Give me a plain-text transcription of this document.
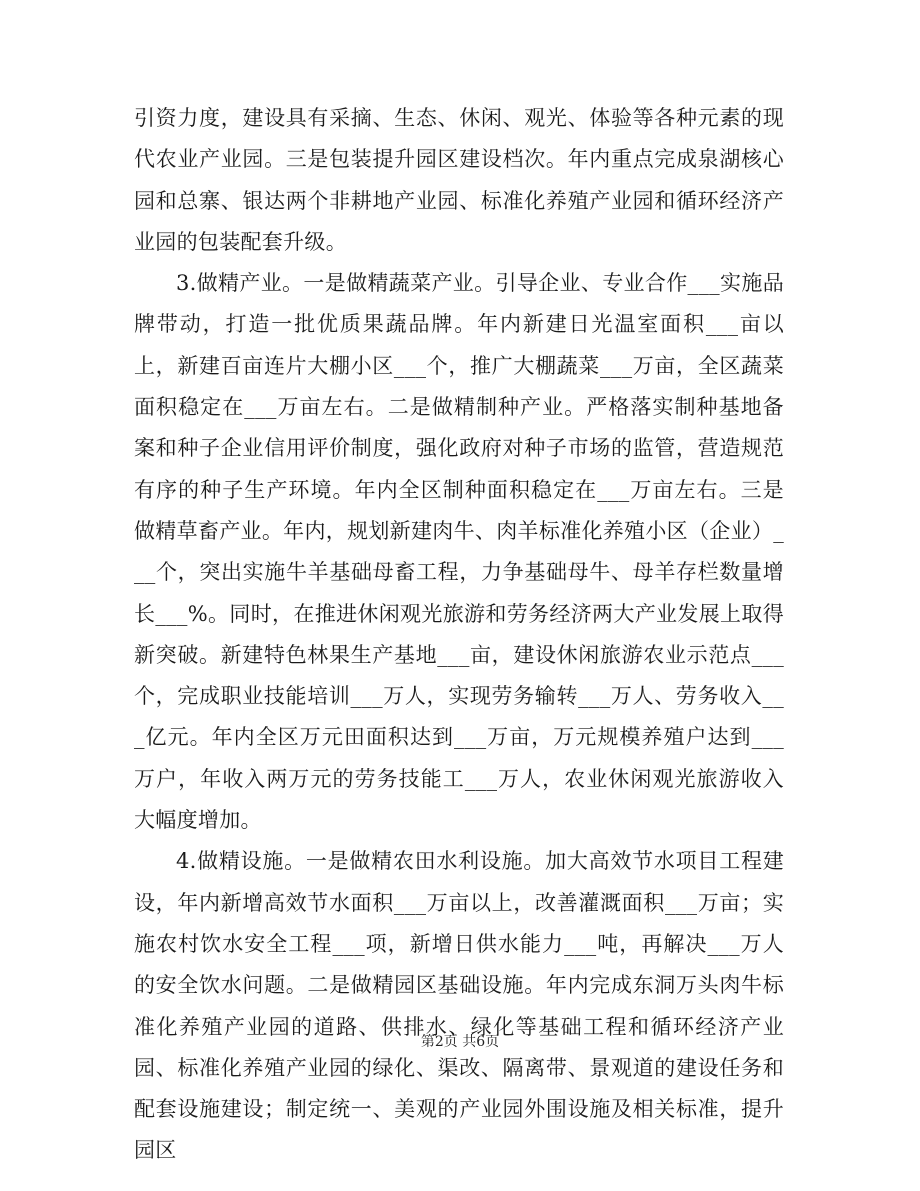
引资力度，建设具有采摘、生态、休闲、观光、体验等各种元素的现代农业产业园。三是包装提升园区建设档次。年内重点完成泉湖核心园和总寨、银达两个非耕地产业园、标准化养殖产业园和循环经济产业园的包装配套升级。

3.做精产业。一是做精蔬菜产业。引导企业、专业合作___实施品牌带动，打造一批优质果蔬品牌。年内新建日光温室面积___亩以上，新建百亩连片大棚小区___个，推广大棚蔬菜___万亩，全区蔬菜面积稳定在___万亩左右。二是做精制种产业。严格落实制种基地备案和种子企业信用评价制度，强化政府对种子市场的监管，营造规范有序的种子生产环境。年内全区制种面积稳定在___万亩左右。三是做精草畜产业。年内，规划新建肉牛、肉羊标准化养殖小区（企业）___个，突出实施牛羊基础母畜工程，力争基础母牛、母羊存栏数量增长___%。同时，在推进休闲观光旅游和劳务经济两大产业发展上取得新突破。新建特色林果生产基地___亩，建设休闲旅游农业示范点___个，完成职业技能培训___万人，实现劳务输转___万人、劳务收入___亿元。年内全区万元田面积达到___万亩，万元规模养殖户达到___万户，年收入两万元的劳务技能工___万人，农业休闲观光旅游收入大幅度增加。

4.做精设施。一是做精农田水利设施。加大高效节水项目工程建设，年内新增高效节水面积___万亩以上，改善灌溉面积___万亩；实施农村饮水安全工程___项，新增日供水能力___吨，再解决___万人的安全饮水问题。二是做精园区基础设施。年内完成东洞万头肉牛标准化养殖产业园的道路、供排水、绿化等基础工程和循环经济产业园、标准化养殖产业园的绿化、渠改、隔离带、景观道的建设任务和配套设施建设；制定统一、美观的产业园外围设施及相关标准，提升园区

第2页 共6页
